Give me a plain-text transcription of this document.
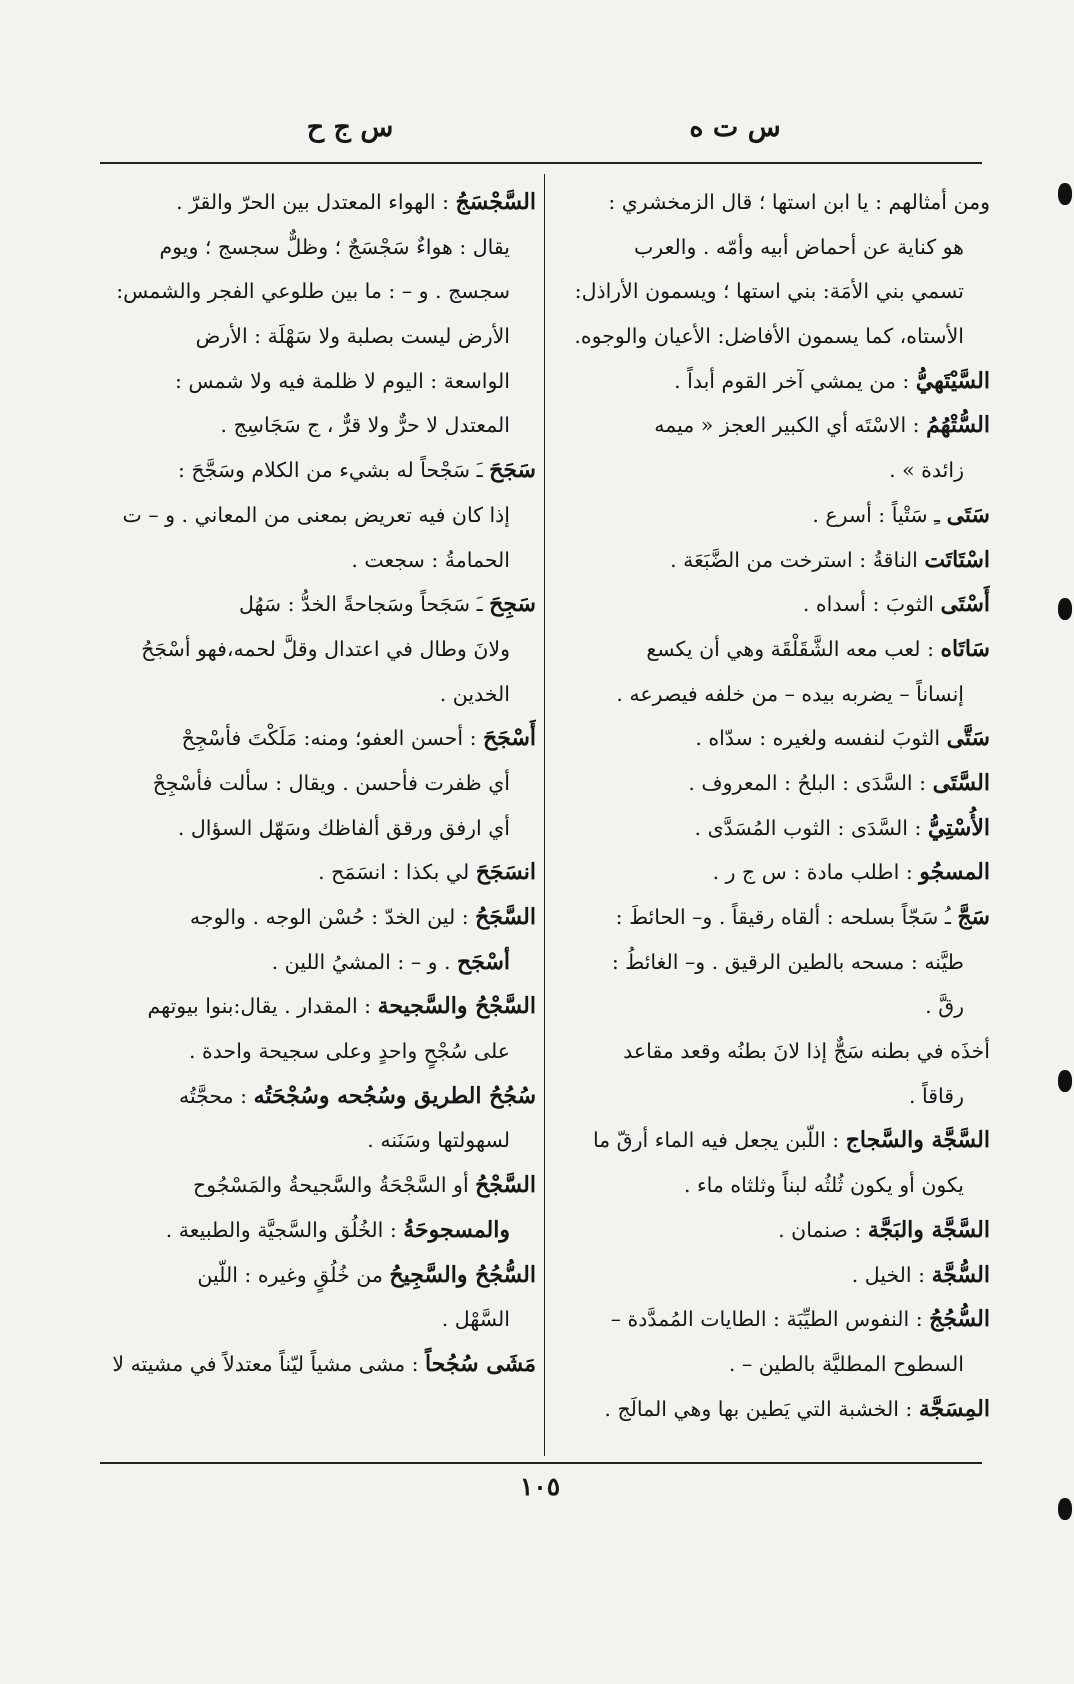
س ت ه
س ج ح
ومن أمثالهم : يا ابن استها ؛ قال الزمخشري :
هو كناية عن أحماض أبيه وأمّه . والعرب
تسمي بني الأمَة: بني استها ؛ ويسمون الأراذل:
الأستاه، كما يسمون الأفاضل: الأعيان والوجوه.
السَّيْتَهيُّ : من يمشي آخر القوم أبداً .
السُّتْهُمُ : الاسْتَه أي الكبير العجز « ميمه
زائدة » .
سَتَى ـِ سَتْياً : أسرع .
اسْتَاتَت الناقةُ : استرخت من الضَّبَعَة .
أَسْتَى الثوبَ : أسداه .
سَاتَاه : لعب معه الشَّقَلْقَة وهي أن يكسع
إنساناً – يضربه بيده – من خلفه فيصرعه .
سَتَّى الثوبَ لنفسه ولغيره : سدّاه .
السَّتَى : السَّدَى : البلحُ : المعروف .
الأُسْتِيُّ : السَّدَى : الثوب المُسَدَّى .
المسجُو : اطلب مادة : س ج ر .
سَجَّ ـُ سَجّاً بسلحه : ألقاه رقيقاً . و– الحائطَ :
طيَّنه : مسحه بالطين الرقيق . و– الغائطُ :
رقَّ .
أخذَه في بطنه سَجٌّ إذا لانَ بطنُه وقعد مقاعد
رقاقاً .
السَّجَّة والسَّجاج : اللّبن يجعل فيه الماء أرقّ ما
يكون أو يكون ثُلثُه لبناً وثلثاه ماء .
السَّجَّة والبَجَّة : صنمان .
السُّجَّة : الخيل .
السُّجُجُ : النفوس الطيِّبَة : الطايات المُمدَّدة –
السطوح المطليَّة بالطين – .
المِسَجَّة : الخشبة التي يَطين بها وهي المالَج .
السَّجْسَجُ : الهواء المعتدل بين الحرّ والقرّ .
يقال : هواءٌ سَجْسَجٌ ؛ وظلٌّ سجسج ؛ ويوم
سجسج . و – : ما بين طلوعي الفجر والشمس:
الأرض ليست بصلبة ولا سَهْلَة : الأرض
الواسعة : اليوم لا ظلمة فيه ولا شمس :
المعتدل لا حرٌّ ولا قرٌّ ، ج سَجَاسِج .
سَجَحَ ـَ سَجْحاً له بشيء من الكلام وسَجَّحَ :
إذا كان فيه تعريض بمعنى من المعاني . و – ت
الحمامةُ : سجعت .
سَجِحَ ـَ سَجَحاً وسَجاحةً الخدُّ : سَهُل
ولانَ وطال في اعتدال وقلَّ لحمه،فهو أسْجَحُ
الخدين .
أَسْجَحَ : أحسن العفو؛ ومنه: مَلَكْتَ فأسْجِحْ
أي ظفرت فأحسن . ويقال : سألت فأسْجِحْ
أي ارفق ورقق ألفاظك وسَهّل السؤال .
انسَجَحَ لي بكذا : انسَمَح .
السَّجَحُ : لين الخدّ : حُسْن الوجه . والوجه
أسْجَح . و – : المشيُ اللين .
السَّجْحُ والسَّجيحة : المقدار . يقال:بنوا بيوتهم
على سُجْحٍ واحدٍ وعلى سجيحة واحدة .
سُجُحُ الطريق وسُجُحه وسُجْحَتُه : محجَّتُه
لسهولتها وسَنَنه .
السَّجْحُ أو السَّجْحَةُ والسَّجيحةُ والمَسْجُوح
والمسجوحَةُ : الخُلُق والسَّجيَّة والطبيعة .
السُّجُحُ والسَّجِيحُ من خُلُقٍ وغيره : اللّين
السَّهْل .
مَشَى سُجُحاً : مشى مشياً ليّناً معتدلاً في مشيته لا
١٠٥
